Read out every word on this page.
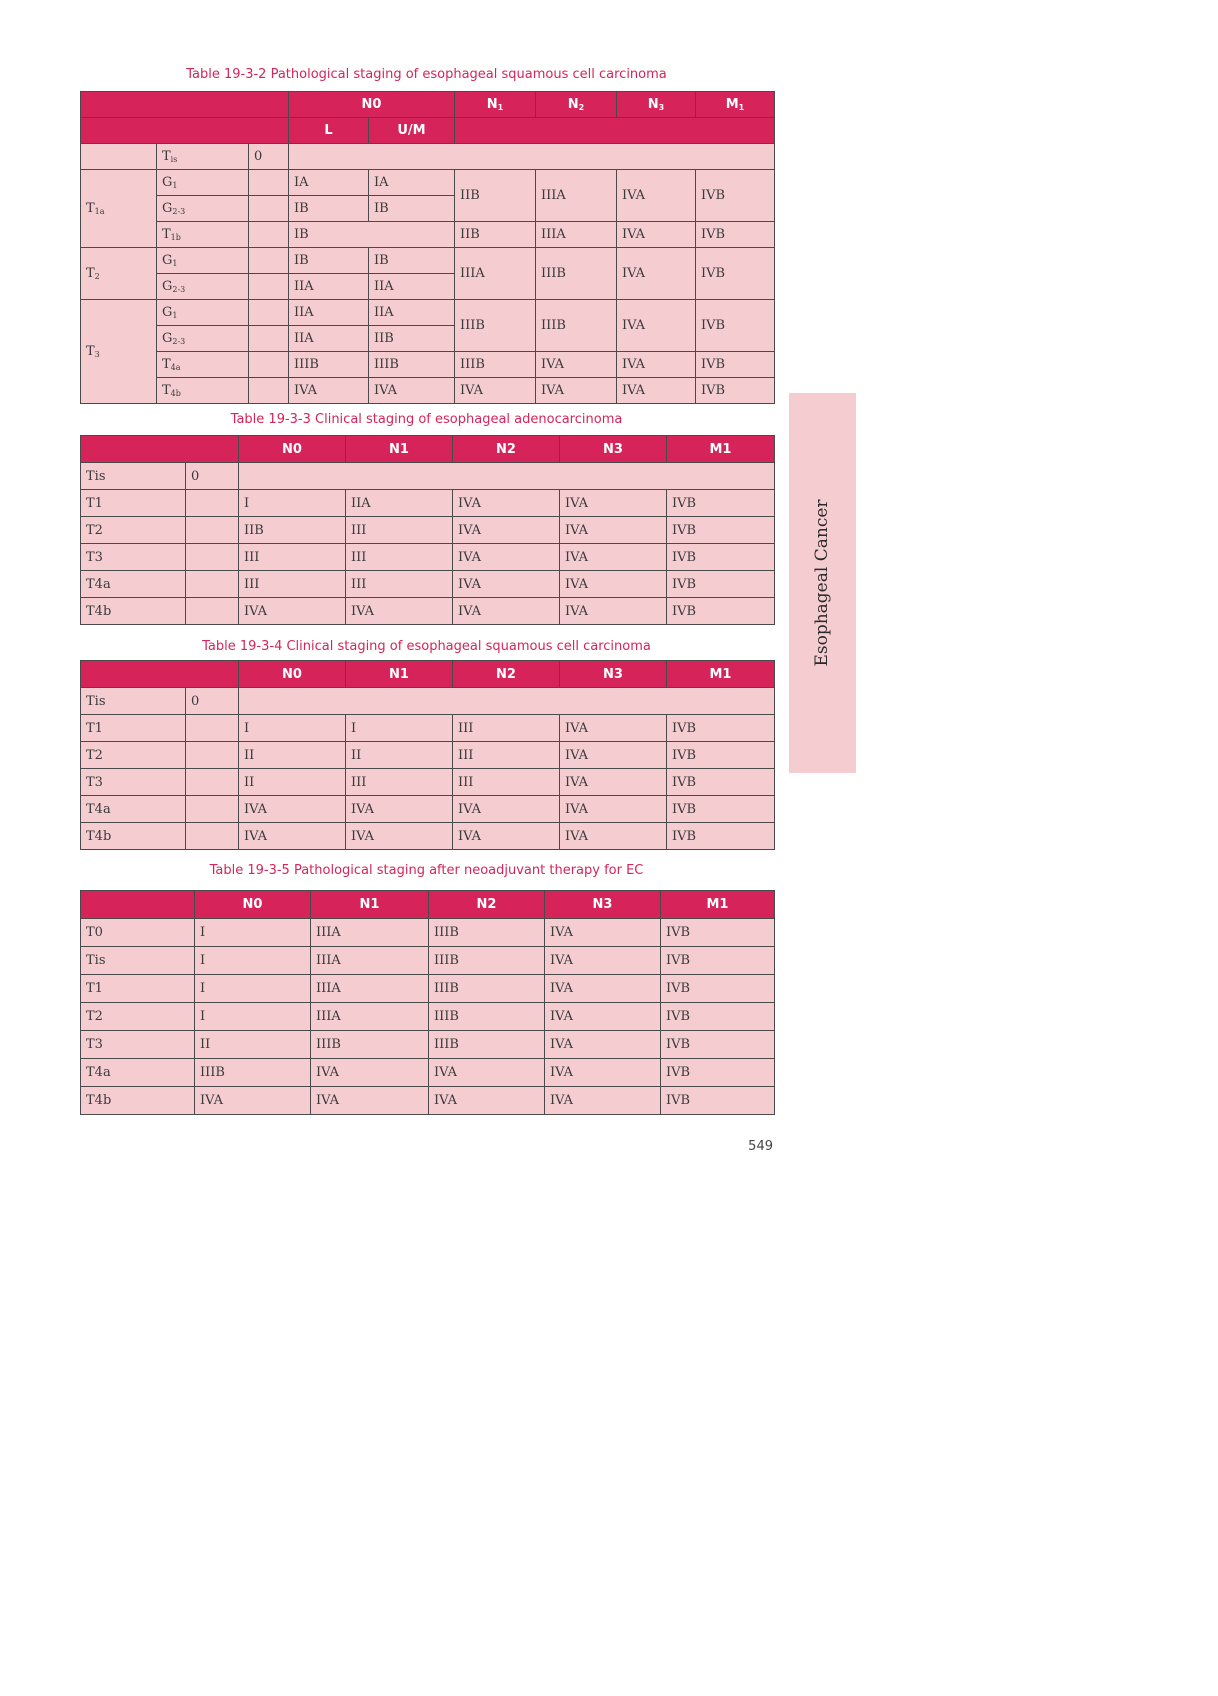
Table 19-3-2 Pathological staging of esophageal squamous cell carcinoma
			N0		$N_1$	$N_2$	$N_3$	$M_1$
			L	U/M				
	$T_{is}$	0						
$T_{1a}$	$G_1$		IA	IA	IIB	IIIA	IVA	IVB
	$G_{2-3}$		IB	IB				
	$T_{1b}$		IB		IIB	IIIA	IVA	IVB
$T_2$	$G_1$		IB	IB	IIIA	IIIB	IVA	IVB
	$G_{2-3}$		IIA	IIA				
$T_3$	$G_1$		IIA	IIA	IIIB	IIIB	IVA	IVB
	$G_{2-3}$		IIA	IIB				
	$T_{4a}$		IIIB	IIIB	IIIB	IVA	IVA	IVB
	$T_{4b}$		IVA	IVA	IVA	IVA	IVA	IVB
Table 19-3-3 Clinical staging of esophageal adenocarcinoma
		N0	N1	N2	N3	M1
Tis	0					
T1		I	IIA	IVA	IVA	IVB
T2		IIB	III	IVA	IVA	IVB
T3		III	III	IVA	IVA	IVB
T4a		III	III	IVA	IVA	IVB
T4b		IVA	IVA	IVA	IVA	IVB
Table 19-3-4 Clinical staging of esophageal squamous cell carcinoma
		N0	N1	N2	N3	M1
Tis	0					
T1		I	I	III	IVA	IVB
T2		II	II	III	IVA	IVB
T3		II	III	III	IVA	IVB
T4a		IVA	IVA	IVA	IVA	IVB
T4b		IVA	IVA	IVA	IVA	IVB
Table 19-3-5 Pathological staging after neoadjuvant therapy for EC
	N0	N1	N2	N3	M1
T0	I	IIIA	IIIB	IVA	IVB
Tis	I	IIIA	IIIB	IVA	IVB
T1	I	IIIA	IIIB	IVA	IVB
T2	I	IIIA	IIIB	IVA	IVB
T3	II	IIIB	IIIB	IVA	IVB
T4a	IIIB	IVA	IVA	IVA	IVB
T4b	IVA	IVA	IVA	IVA	IVB
Esophageal Cancer
549
